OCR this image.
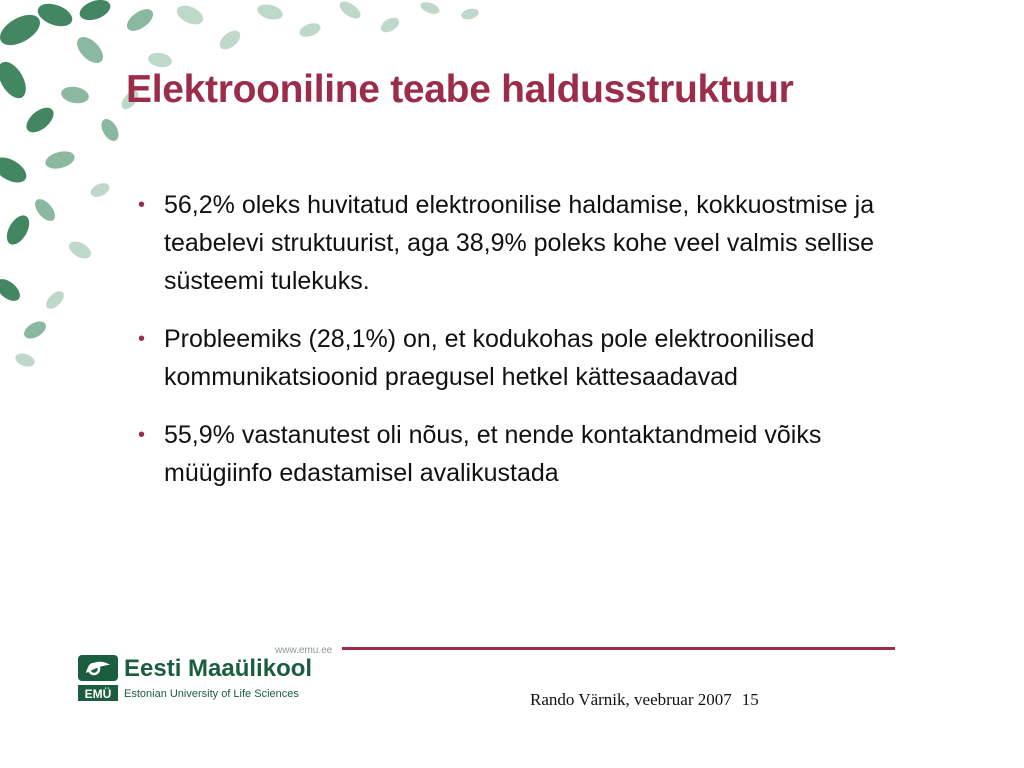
Elektrooniline teabe haldusstruktuur
• 56,2% oleks huvitatud elektroonilise haldamise, kokkuostmise ja teabelevi struktuurist, aga 38,9% poleks kohe veel valmis sellise süsteemi tulekuks.
• Probleemiks (28,1%) on, et kodukohas pole elektroonilised kommunikatsioonid praegusel hetkel kättesaadavad
• 55,9% vastanutest oli nõus, et nende kontaktandmeid võiks müügiinfo edastamisel avalikustada
www.emu.ee
EMÜ
Eesti Maaülikool
Estonian University of Life Sciences	Rando Värnik, veebruar 2007 15
